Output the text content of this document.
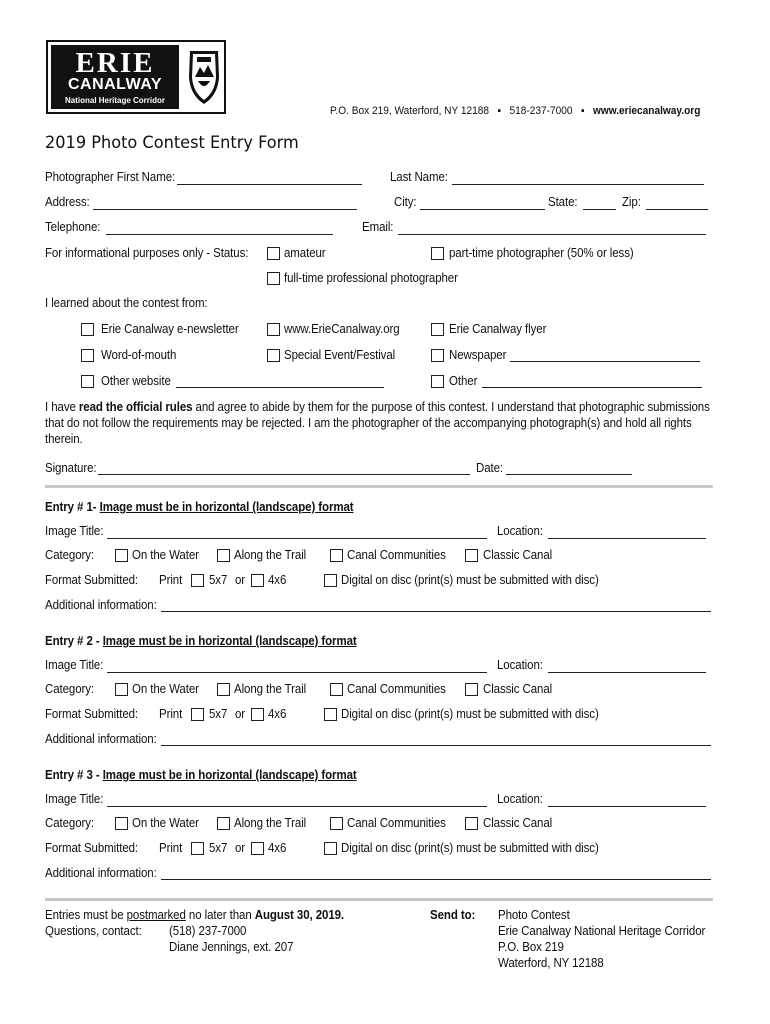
ERIE
CANALWAY
National Heritage Corridor
P.O. Box 219, Waterford, NY 12188 ▪ 518-237-7000 ▪ www.eriecanalway.org
2019 Photo Contest Entry Form
Photographer First Name:	Last Name:
Address:	City:	State:	Zip:
Telephone:	Email:
For informational purposes only - Status:	amateur	part-time photographer (50% or less)
full-time professional photographer
I learned about the contest from:
Erie Canalway e-newsletter	www.ErieCanalway.org	Erie Canalway flyer
Word-of-mouth	Special Event/Festival	Newspaper
Other website	Other
I have read the official rules and agree to abide by them for the purpose of this contest. I understand that photographic submissions
that do not follow the requirements may be rejected. I am the photographer of the accompanying photograph(s) and hold all rights
therein.
Signature:	Date:
Entry # 1- Image must be in horizontal (landscape) format
Image Title:	Location:
Category:	On the Water	Along the Trail	Canal Communities	Classic Canal
Format Submitted: Print 5x7 or 4x6	Digital on disc (print(s) must be submitted with disc)
Additional information:
Entry # 2 - Image must be in horizontal (landscape) format
Image Title:	Location:
Category:	On the Water	Along the Trail	Canal Communities	Classic Canal
Format Submitted: Print 5x7 or 4x6	Digital on disc (print(s) must be submitted with disc)
Additional information:
Entry # 3 - Image must be in horizontal (landscape) format
Image Title:	Location:
Category:	On the Water	Along the Trail	Canal Communities	Classic Canal
Format Submitted: Print 5x7 or 4x6	Digital on disc (print(s) must be submitted with disc)
Additional information:
Entries must be postmarked no later than August 30, 2019.
Questions, contact: (518) 237-7000
Diane Jennings, ext. 207
Send to: Photo Contest
Erie Canalway National Heritage Corridor
P.O. Box 219
Waterford, NY 12188
